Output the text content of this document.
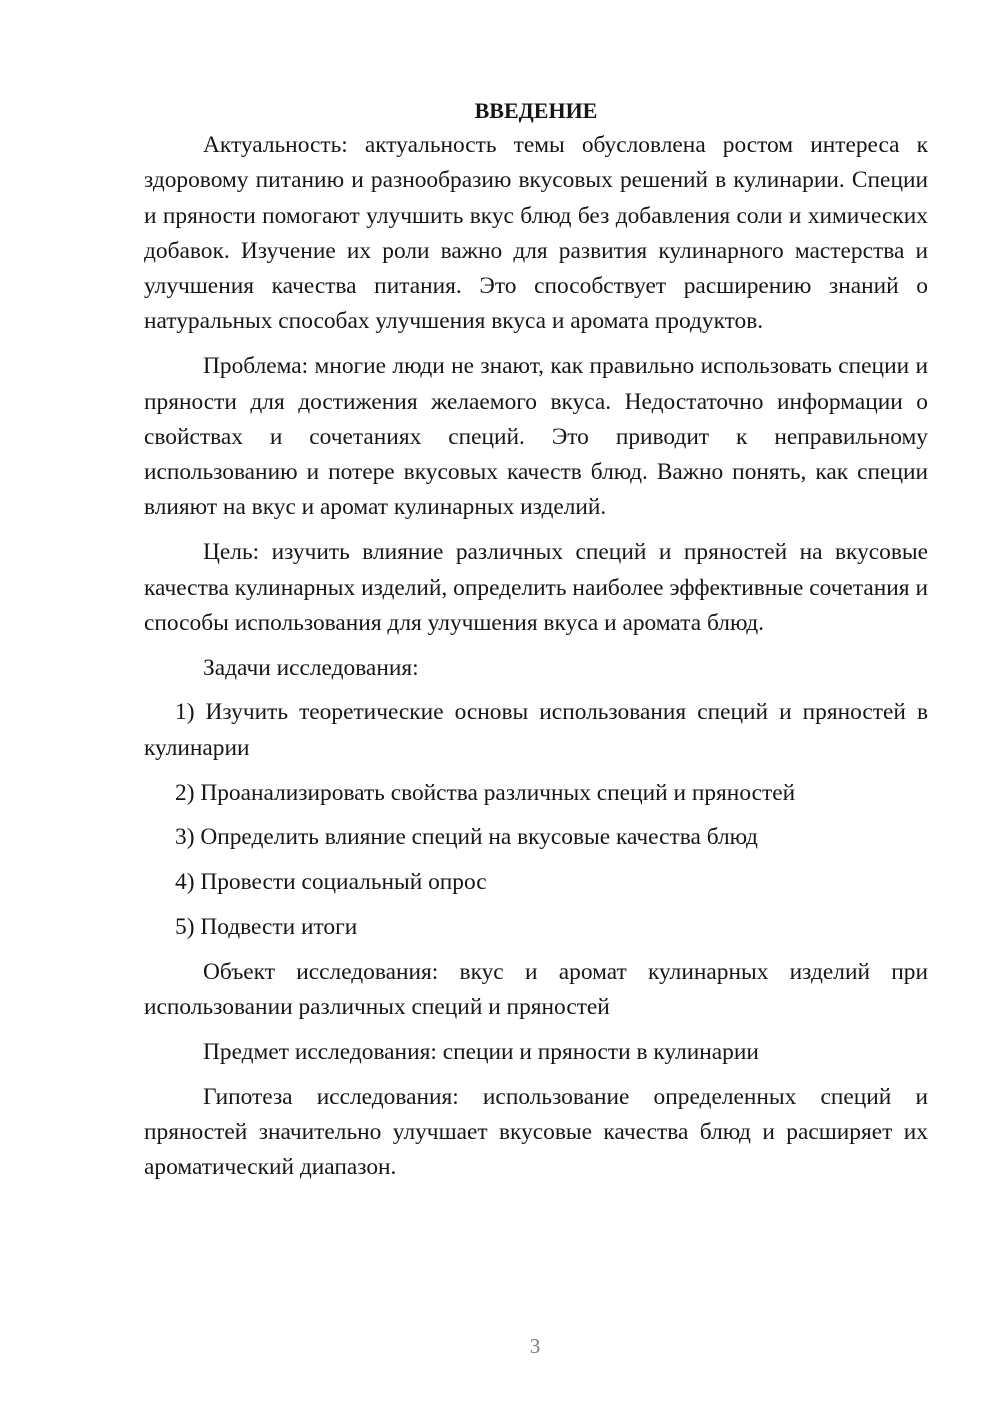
ВВЕДЕНИЕ

Актуальность: актуальность темы обусловлена ростом интереса к здоровому питанию и разнообразию вкусовых решений в кулинарии. Специи и пряности помогают улучшить вкус блюд без добавления соли и химических добавок. Изучение их роли важно для развития кулинарного мастерства и улучшения качества питания. Это способствует расширению знаний о натуральных способах улучшения вкуса и аромата продуктов.

Проблема: многие люди не знают, как правильно использовать специи и пряности для достижения желаемого вкуса. Недостаточно информации о свойствах и сочетаниях специй. Это приводит к неправильному использованию и потере вкусовых качеств блюд. Важно понять, как специи влияют на вкус и аромат кулинарных изделий.

Цель: изучить влияние различных специй и пряностей на вкусовые качества кулинарных изделий, определить наиболее эффективные сочетания и способы использования для улучшения вкуса и аромата блюд.

Задачи исследования:

1) Изучить теоретические основы использования специй и пряностей в кулинарии

2) Проанализировать свойства различных специй и пряностей

3) Определить влияние специй на вкусовые качества блюд

4) Провести социальный опрос

5) Подвести итоги

Объект исследования: вкус и аромат кулинарных изделий при использовании различных специй и пряностей

Предмет исследования: специи и пряности в кулинарии

Гипотеза исследования: использование определенных специй и пряностей значительно улучшает вкусовые качества блюд и расширяет их ароматический диапазон.

3
